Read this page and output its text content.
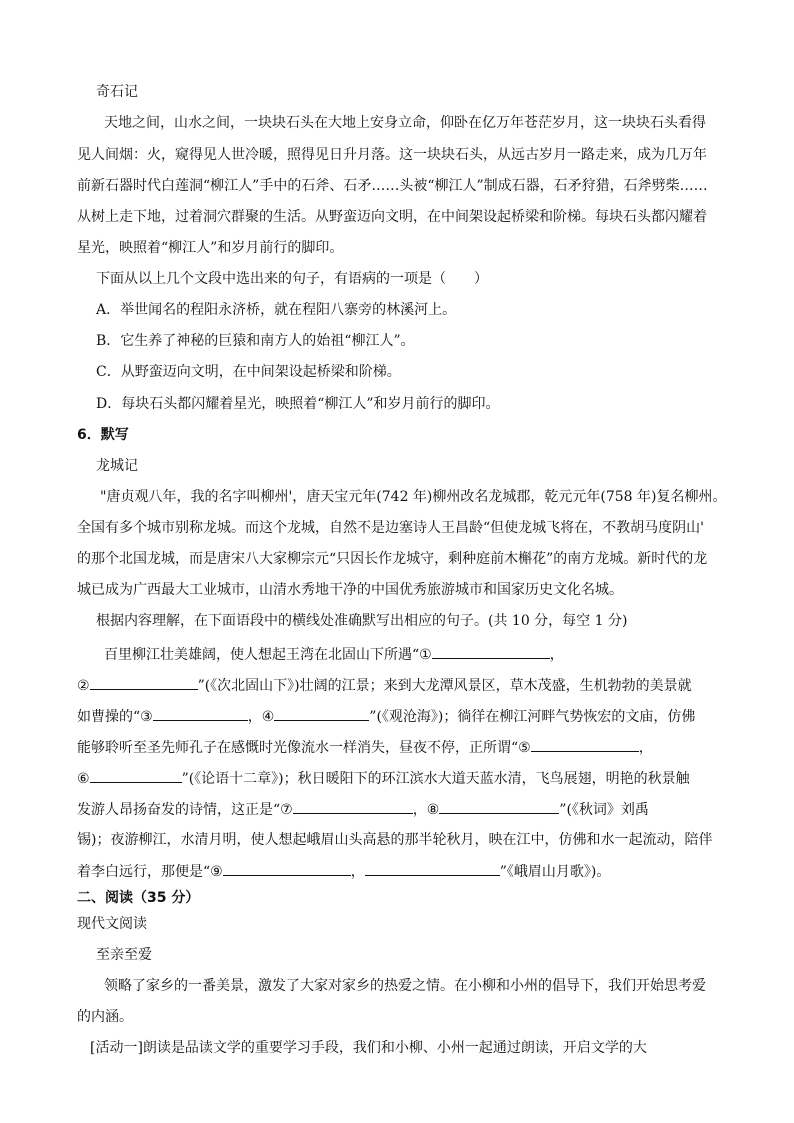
奇石记
天地之间，山水之间，一块块石头在大地上安身立命，仰卧在亿万年苍茫岁月，这一块块石头看得
见人间烟：火，窥得见人世冷暖，照得见日升月落。这一块块石头，从远古岁月一路走来，成为几万年
前新石器时代白莲洞“柳江人”手中的石斧、石矛……头被“柳江人”制成石器，石矛狩猎，石斧劈柴……
从树上走下地，过着洞穴群聚的生活。从野蛮迈向文明，在中间架设起桥梁和阶梯。每块石头都闪耀着
星光，映照着“柳江人”和岁月前行的脚印。
下面从以上几个文段中选出来的句子，有语病的一项是（　　）
A．举世闻名的程阳永济桥，就在程阳八寨旁的林溪河上。
B．它生养了神秘的巨猿和南方人的始祖“柳江人”。
C．从野蛮迈向文明，在中间架设起桥梁和阶梯。
D．每块石头都闪耀着星光，映照着“柳江人”和岁月前行的脚印。
6．默写
龙城记
"唐贞观八年，我的名字叫柳州'，唐天宝元年(742 年)柳州改名龙城郡，乾元元年(758 年)复名柳州。
全国有多个城市别称龙城。而这个龙城，自然不是边塞诗人王昌龄“但使龙城飞将在，不教胡马度阴山'
的那个北国龙城，而是唐宋八大家柳宗元“只因长作龙城守，剩种庭前木槲花”的南方龙城。新时代的龙
城已成为广西最大工业城市，山清水秀地干净的中国优秀旅游城市和国家历史文化名城。
根据内容理解，在下面语段中的横线处准确默写出相应的句子。(共 10 分，每空 1 分)
百里柳江壮美雄阔，使人想起王湾在北固山下所遇“①	，
②	”(《次北固山下》)壮阔的江景；来到大龙潭风景区，草木茂盛，生机勃勃的美景就
如曹操的“③	，④	”(《观沧海》)；徜徉在柳江河畔气势恢宏的文庙，仿佛
能够聆听至圣先师孔子在感慨时光像流水一样消失，昼夜不停，正所谓“⑤	，
⑥	”(《论语十二章》)；秋日暖阳下的环江滨水大道天蓝水清，飞鸟展翅，明艳的秋景触
发游人昂扬奋发的诗情，这正是“⑦	，⑧	”(《秋词》刘禹
锡)；夜游柳江，水清月明，使人想起峨眉山头高悬的那半轮秋月，映在江中，仿佛和水一起流动，陪伴
着李白远行，那便是“⑨	，	”《峨眉山月歌》)。
二、阅读（35 分）
现代文阅读
至亲至爱
领略了家乡的一番美景，激发了大家对家乡的热爱之情。在小柳和小州的倡导下，我们开始思考爱
的内涵。
[活动一]朗读是品读文学的重要学习手段，我们和小柳、小州一起通过朗读，开启文学的大
